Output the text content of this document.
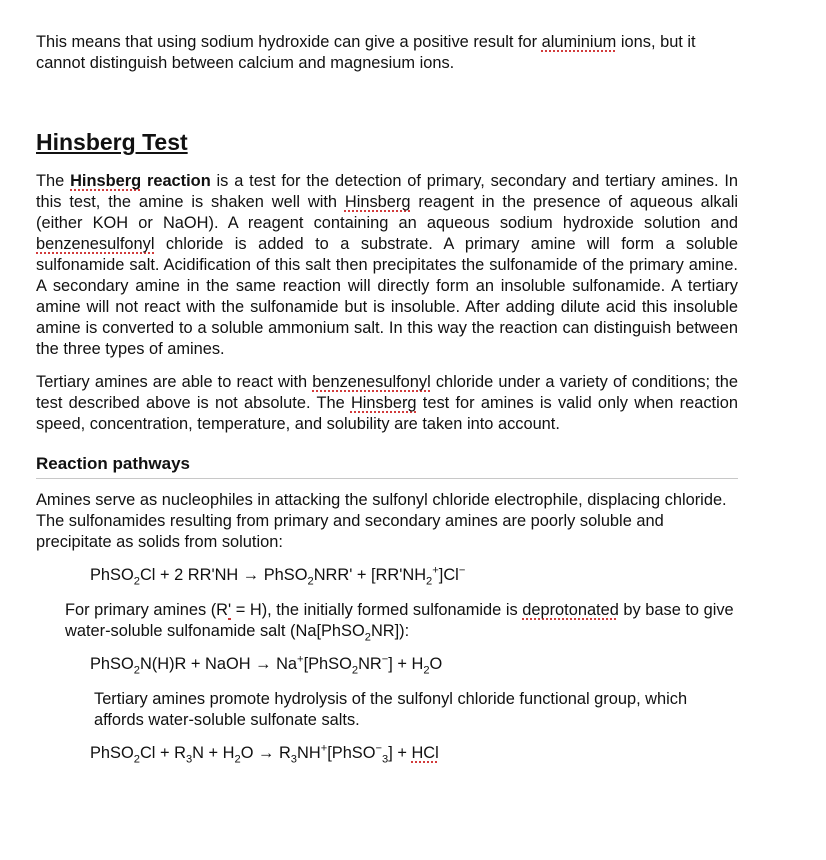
This means that using sodium hydroxide can give a positive result for aluminium ions, but it cannot distinguish between calcium and magnesium ions.

Hinsberg Test

The Hinsberg reaction is a test for the detection of primary, secondary and tertiary amines. In this test, the amine is shaken well with Hinsberg reagent in the presence of aqueous alkali (either KOH or NaOH). A reagent containing an aqueous sodium hydroxide solution and benzenesulfonyl chloride is added to a substrate. A primary amine will form a soluble sulfonamide salt. Acidification of this salt then precipitates the sulfonamide of the primary amine. A secondary amine in the same reaction will directly form an insoluble sulfonamide. A tertiary amine will not react with the sulfonamide but is insoluble. After adding dilute acid this insoluble amine is converted to a soluble ammonium salt. In this way the reaction can distinguish between the three types of amines.

Tertiary amines are able to react with benzenesulfonyl chloride under a variety of conditions; the test described above is not absolute. The Hinsberg test for amines is valid only when reaction speed, concentration, temperature, and solubility are taken into account.

Reaction pathways

Amines serve as nucleophiles in attacking the sulfonyl chloride electrophile, displacing chloride. The sulfonamides resulting from primary and secondary amines are poorly soluble and precipitate as solids from solution:

PhSO$_2$Cl + 2 RR'NH → PhSO$_2$NRR' + $[RR'NH_2^+]Cl^-$

For primary amines (R' = H), the initially formed sulfonamide is deprotonated by base to give water-soluble sulfonamide salt (Na[PhSO$_2$NR]):

PhSO$_2$N(H)R + NaOH → Na+[PhSO$_2$NR−] + $H_2O$

Tertiary amines promote hydrolysis of the sulfonyl chloride functional group, which affords water-soluble sulfonate salts.

PhSO$_2$Cl + $R_3N + H_2O$ → $R_3NH^+[PhSO^-_3]$ + HCl
